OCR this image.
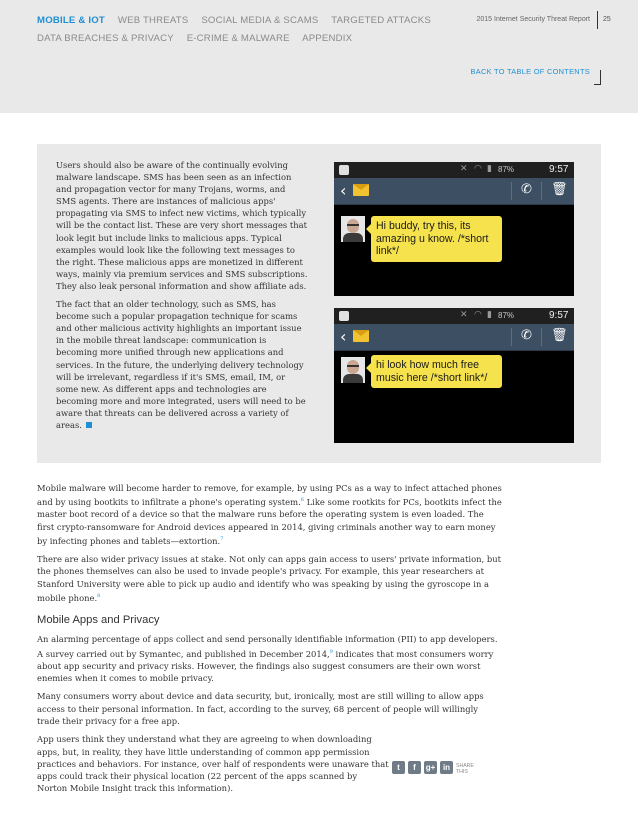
MOBILE & IOT WEB THREATS SOCIAL MEDIA & SCAMS TARGETED ATTACKS
DATA BREACHES & PRIVACY E-CRIME & MALWARE APPENDIX
2015 Internet Security Threat Report 25
BACK TO TABLE OF CONTENTS

Users should also be aware of the continually evolving malware landscape. SMS has been seen as an infection and propagation vector for many Trojans, worms, and SMS agents. There are instances of malicious apps' propagating via SMS to infect new victims, which typically will be the contact list. These are very short messages that look legit but include links to malicious apps. Typical examples would look like the following text messages to the right. These malicious apps are monetized in different ways, mainly via premium services and SMS subscriptions. They also leak personal information and show affiliate ads.

The fact that an older technology, such as SMS, has become such a popular propagation technique for scams and other malicious activity highlights an important issue in the mobile threat landscape: communication is becoming more unified through new applications and services. In the future, the underlying delivery technology will be irrelevant, regardless if it's SMS, email, IM, or some new. As different apps and technologies are becoming more and more integrated, users will need to be aware that threats can be delivered across a variety of areas.

✕ ◠ ▮ 87%	9:57
‹	✆ 🗑
Hi buddy, try this, its amazing u know. /*short link*/
✕ ◠ ▮ 87%	9:57
‹	✆ 🗑
hi look how much free music here /*short link*/

Mobile malware will become harder to remove, for example, by using PCs as a way to infect attached phones and by using bootkits to infiltrate a phone's operating system.$^6$ Like some rootkits for PCs, bootkits infect the master boot record of a device so that the malware runs before the operating system is even loaded. The first crypto-ransomware for Android devices appeared in 2014, giving criminals another way to earn money by infecting phones and tablets—extortion.$^7$

There are also wider privacy issues at stake. Not only can apps gain access to users' private information, but the phones themselves can also be used to invade people's privacy. For example, this year researchers at Stanford University were able to pick up audio and identify who was speaking by using the gyroscope in a mobile phone.$^8$

Mobile Apps and Privacy

An alarming percentage of apps collect and send personally identifiable information (PII) to app developers. A survey carried out by Symantec, and published in December 2014,$^9$ indicates that most consumers worry about app security and privacy risks. However, the findings also suggest consumers are their own worst enemies when it comes to mobile privacy.

Many consumers worry about device and data security, but, ironically, most are still willing to allow apps access to their personal information. In fact, according to the survey, 68 percent of people will willingly trade their privacy for a free app.

App users think they understand what they are agreeing to when downloading apps, but, in reality, they have little understanding of common app permission practices and behaviors. For instance, over half of respondents were unaware that apps could track their physical location (22 percent of the apps scanned by Norton Mobile Insight track this information).

t	f	g+ in	SHARE THIS
